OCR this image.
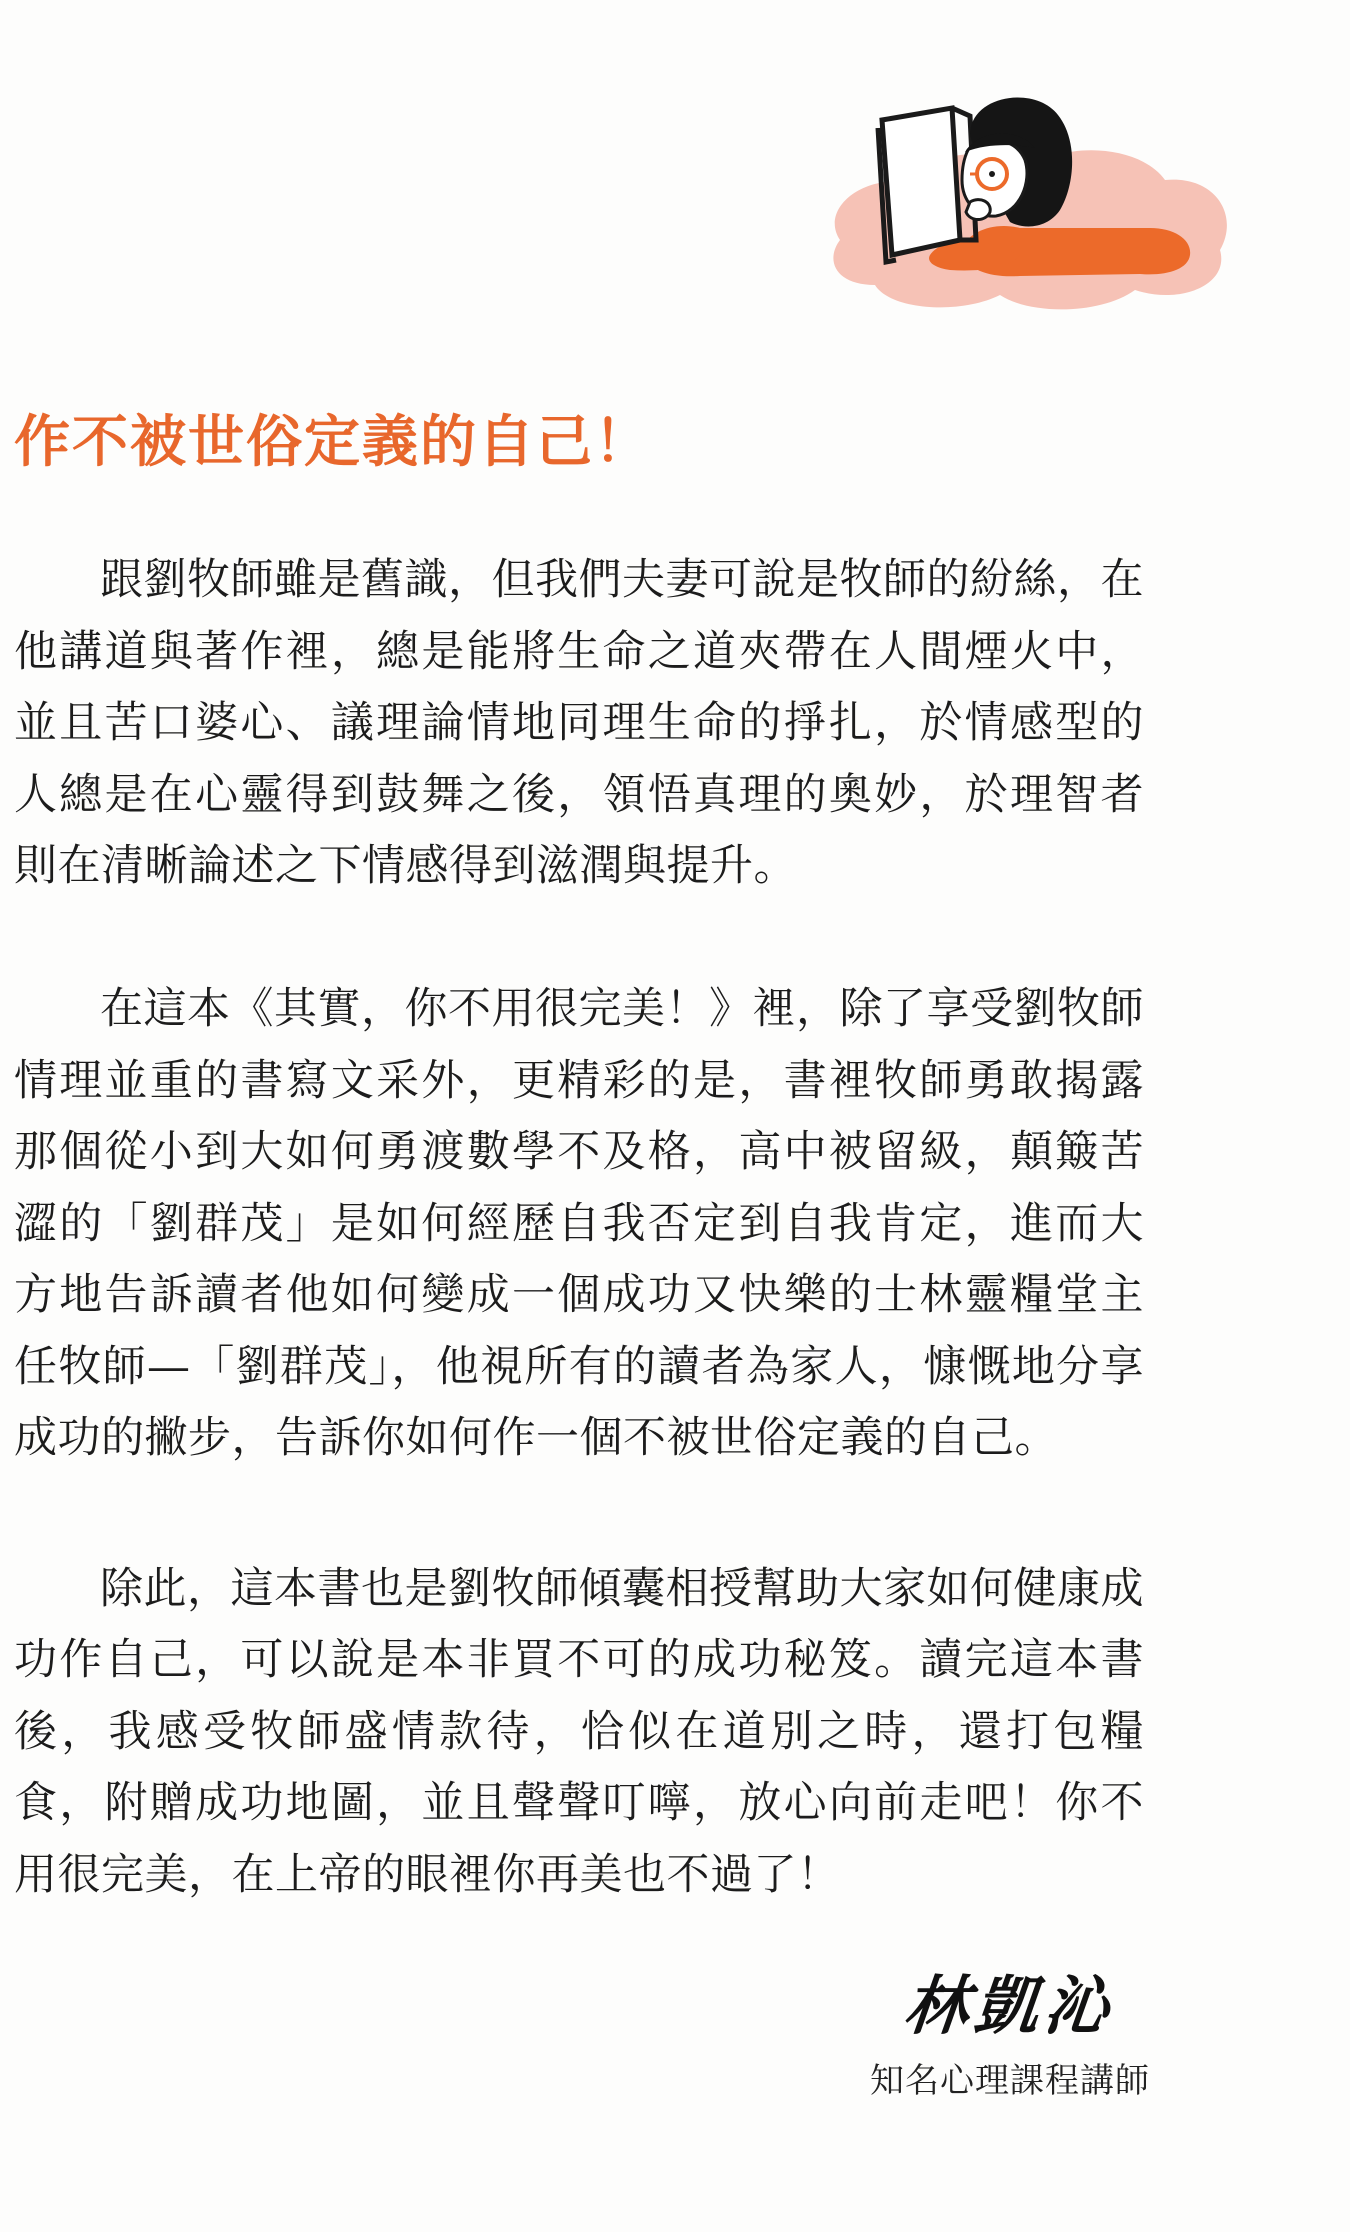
作不被世俗定義的自己！

跟劉牧師雖是舊識，但我們夫妻可說是牧師的紛絲，在他講道與著作裡，總是能將生命之道夾帶在人間煙火中，並且苦口婆心、議理論情地同理生命的掙扎，於情感型的人總是在心靈得到鼓舞之後，領悟真理的奧妙，於理智者則在清晰論述之下情感得到滋潤與提升。

在這本《其實，你不用很完美！》裡，除了享受劉牧師情理並重的書寫文采外，更精彩的是，書裡牧師勇敢揭露那個從小到大如何勇渡數學不及格，高中被留級，顛簸苦澀的「劉群茂」是如何經歷自我否定到自我肯定，進而大方地告訴讀者他如何變成一個成功又快樂的士林靈糧堂主任牧師—「劉群茂」，他視所有的讀者為家人，慷慨地分享成功的撇步，告訴你如何作一個不被世俗定義的自己。

除此，這本書也是劉牧師傾囊相授幫助大家如何健康成功作自己，可以說是本非買不可的成功秘笈。讀完這本書後，我感受牧師盛情款待，恰似在道別之時，還打包糧食，附贈成功地圖，並且聲聲叮嚀，放心向前走吧！你不用很完美，在上帝的眼裡你再美也不過了！

林凱沁
知名心理課程講師
